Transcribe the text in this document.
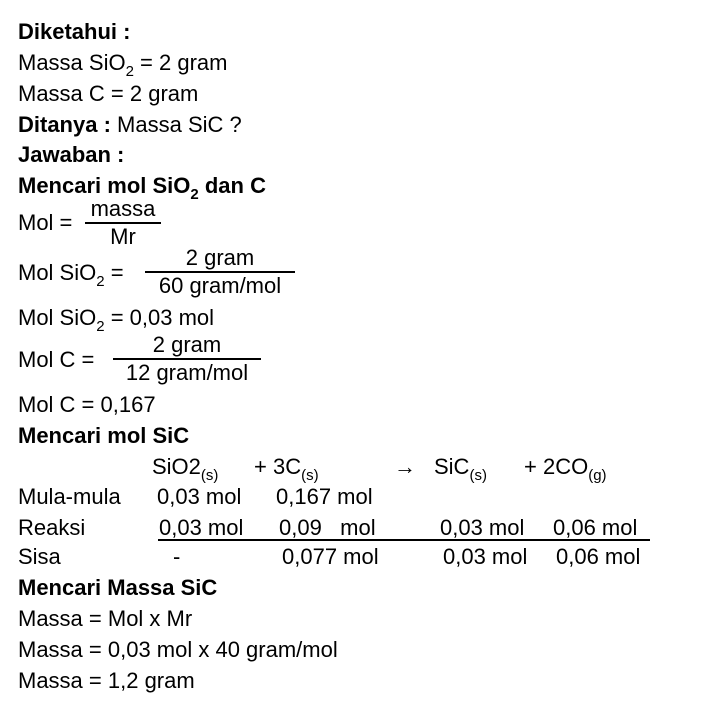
Diketahui :
Massa SiO$_2$ = 2 gram
Massa C = 2 gram
Ditanya : Massa SiC ?
Jawaban :
Mencari mol SiO$_2$ dan C
Mol =
massa
Mr
Mol SiO$_2$ =
2 gram
60 gram/mol
Mol SiO$_2$ = 0,03 mol
Mol C =
2 gram
12 gram/mol
Mol C = 0,167
Mencari mol SiC
$SiO2_{(s)} + 3C_{(s)}$	→ $SiC_{(s)} + 2CO_{(g)}$
Mula-mula 0,03 mol 0,167 mol
Reaksi	0,03 mol 0,09   mol	0,03 mol 0,06 mol
Sisa	-	0,077 mol	0,03 mol 0,06 mol
Mencari Massa SiC
Massa = Mol x Mr
Massa = 0,03 mol x 40 gram/mol
Massa = 1,2 gram
